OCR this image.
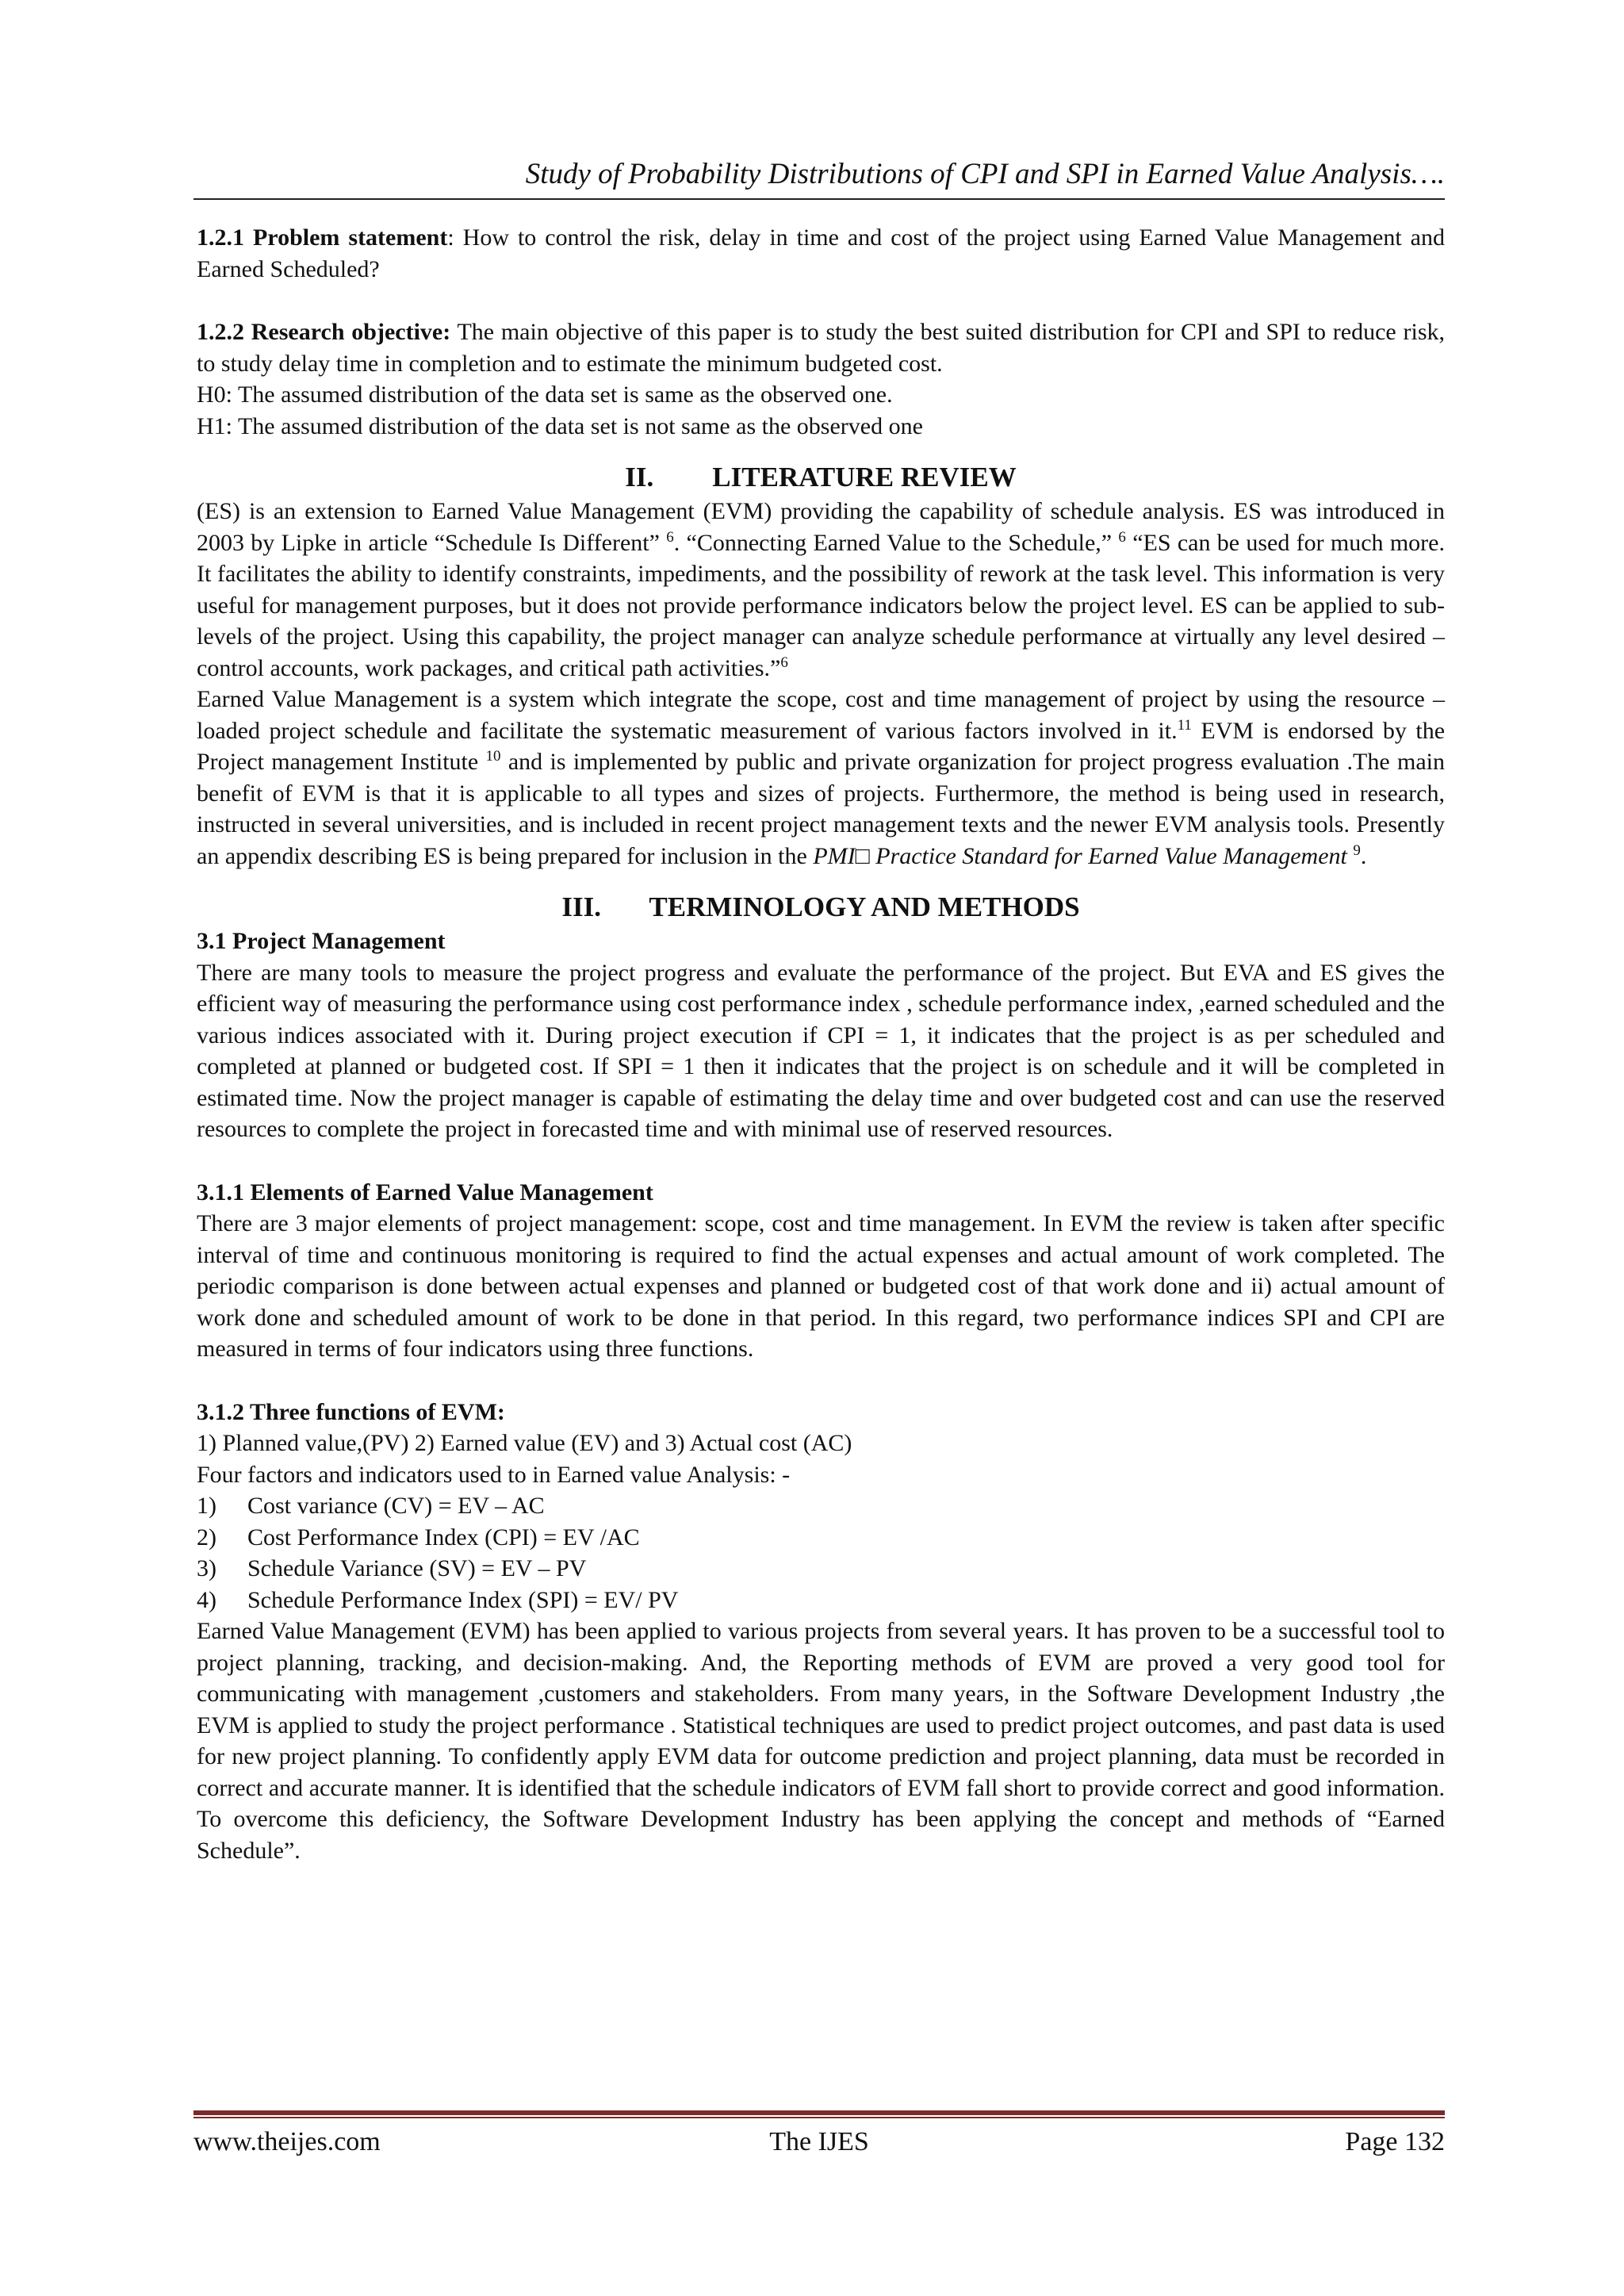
Study of Probability Distributions of CPI and SPI in Earned Value Analysis….

1.2.1 Problem statement: How to control the risk, delay in time and cost of the project using Earned Value Management and Earned Scheduled?

1.2.2 Research objective: The main objective of this paper is to study the best suited distribution for CPI and SPI to reduce risk, to study delay time in completion and to estimate the minimum budgeted cost.

H0: The assumed distribution of the data set is same as the observed one.

H1: The assumed distribution of the data set is not same as the observed one

II. LITERATURE REVIEW

(ES) is an extension to Earned Value Management (EVM) providing the capability of schedule analysis. ES was introduced in 2003 by Lipke in article “Schedule Is Different” $^6$. “Connecting Earned Value to the Schedule,” $^6$ “ES can be used for much more. It facilitates the ability to identify constraints, impediments, and the possibility of rework at the task level. This information is very useful for management purposes, but it does not provide performance indicators below the project level. ES can be applied to sub-levels of the project. Using this capability, the project manager can analyze schedule performance at virtually any level desired – control accounts, work packages, and critical path activities.”$^6$

Earned Value Management is a system which integrate the scope, cost and time management of project by using the resource –loaded project schedule and facilitate the systematic measurement of various factors involved in it.$^{11}$ EVM is endorsed by the Project management Institute $^{10}$ and is implemented by public and private organization for project progress evaluation .The main benefit of EVM is that it is applicable to all types and sizes of projects. Furthermore, the method is being used in research, instructed in several universities, and is included in recent project management texts and the newer EVM analysis tools. Presently an appendix describing ES is being prepared for inclusion in the PMI□ Practice Standard for Earned Value Management $^9$.

III. TERMINOLOGY AND METHODS

3.1 Project Management

There are many tools to measure the project progress and evaluate the performance of the project. But EVA and ES gives the efficient way of measuring the performance using cost performance index , schedule performance index, ,earned scheduled and the various indices associated with it. During project execution if CPI = 1, it indicates that the project is as per scheduled and completed at planned or budgeted cost. If SPI = 1 then it indicates that the project is on schedule and it will be completed in estimated time. Now the project manager is capable of estimating the delay time and over budgeted cost and can use the reserved resources to complete the project in forecasted time and with minimal use of reserved resources.

3.1.1 Elements of Earned Value Management

There are 3 major elements of project management: scope, cost and time management. In EVM the review is taken after specific interval of time and continuous monitoring is required to find the actual expenses and actual amount of work completed. The periodic comparison is done between actual expenses and planned or budgeted cost of that work done and ii) actual amount of work done and scheduled amount of work to be done in that period. In this regard, two performance indices SPI and CPI are measured in terms of four indicators using three functions.

3.1.2 Three functions of EVM:

1) Planned value,(PV) 2) Earned value (EV) and 3) Actual cost (AC)

Four factors and indicators used to in Earned value Analysis: -

1)	Cost variance (CV) = EV – AC
2)	Cost Performance Index (CPI) = EV /AC
3)	Schedule Variance (SV) = EV – PV
4)	Schedule Performance Index (SPI) = EV/ PV

Earned Value Management (EVM) has been applied to various projects from several years. It has proven to be a successful tool to project planning, tracking, and decision-making. And, the Reporting methods of EVM are proved a very good tool for communicating with management ,customers and stakeholders. From many years, in the Software Development Industry ,the EVM is applied to study the project performance . Statistical techniques are used to predict project outcomes, and past data is used for new project planning. To confidently apply EVM data for outcome prediction and project planning, data must be recorded in correct and accurate manner. It is identified that the schedule indicators of EVM fall short to provide correct and good information. To overcome this deficiency, the Software Development Industry has been applying the concept and methods of “Earned Schedule”.

www.theijes.com	The IJES	Page 132
